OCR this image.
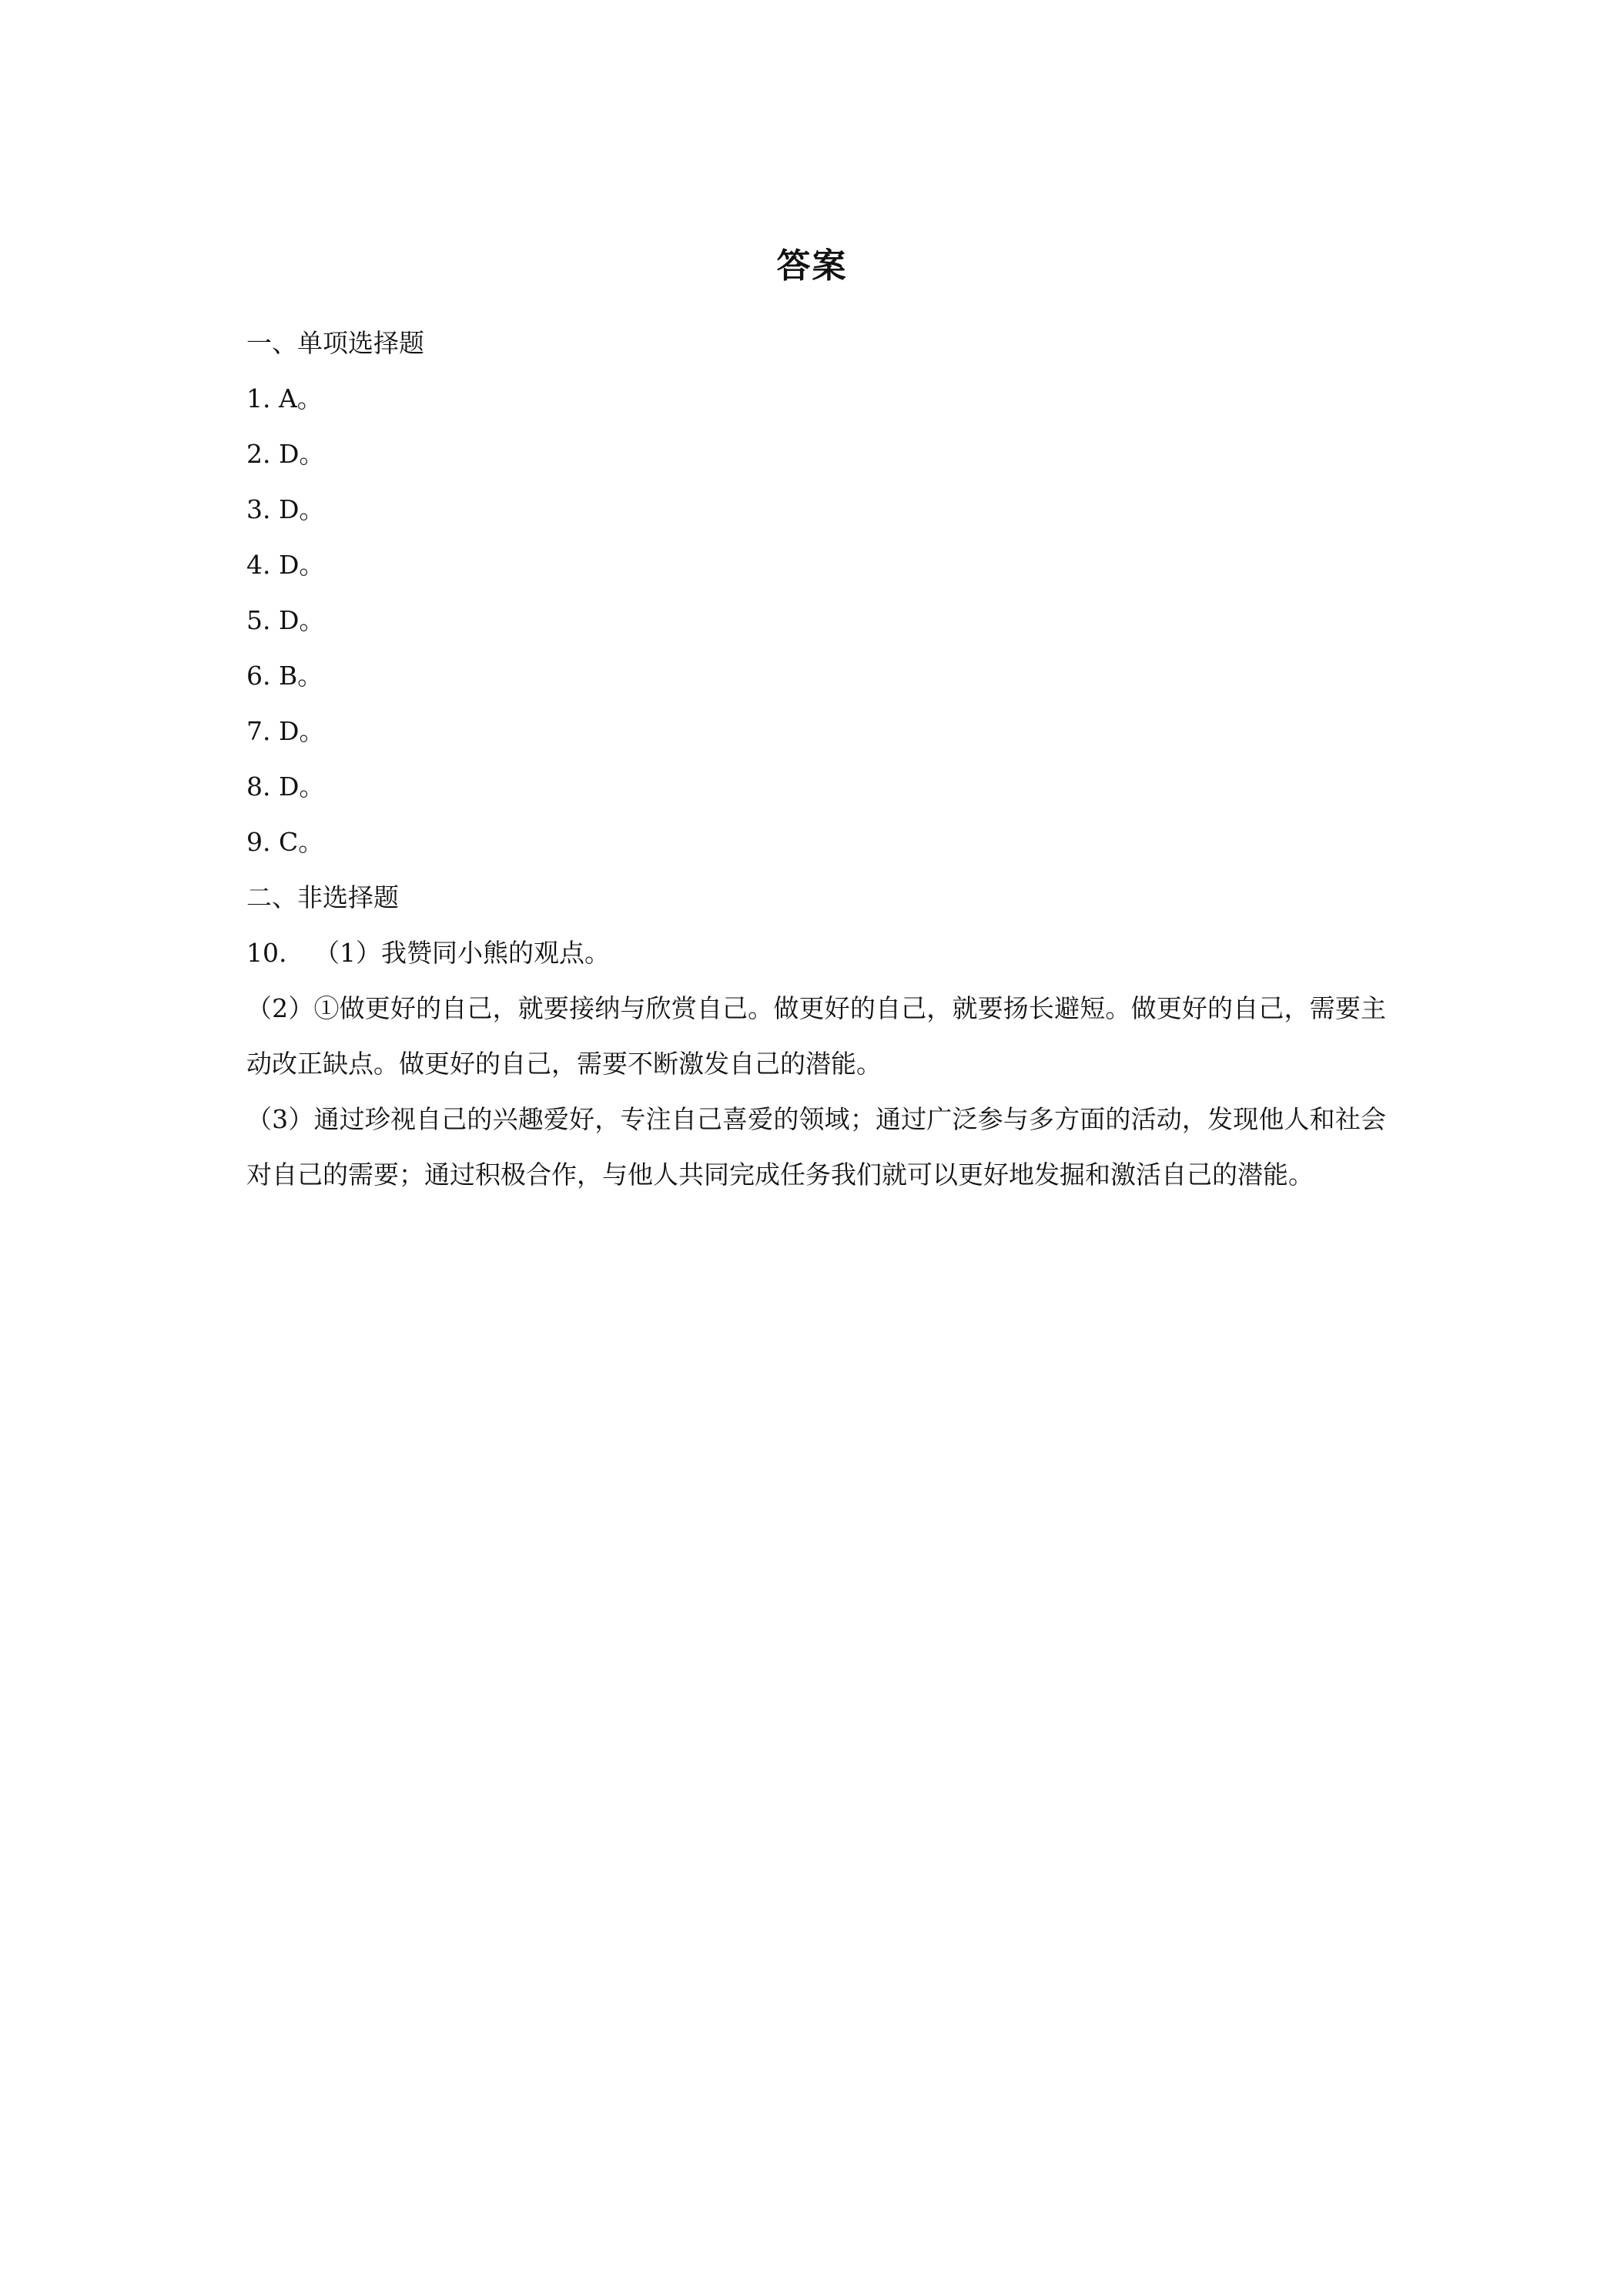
答案
一、单项选择题
1. A。
2. D。
3. D。
4. D。
5. D。
6. B。
7. D。
8. D。
9. C。
二、非选择题
10. （1）我赞同小熊的观点。
（2）①做更好的自己，就要接纳与欣赏自己。做更好的自己，就要扬长避短。做更好的自己，需要主动改正缺点。做更好的自己，需要不断激发自己的潜能。
（3）通过珍视自己的兴趣爱好，专注自己喜爱的领域；通过广泛参与多方面的活动，发现他人和社会对自己的需要；通过积极合作，与他人共同完成任务我们就可以更好地发掘和激活自己的潜能。
